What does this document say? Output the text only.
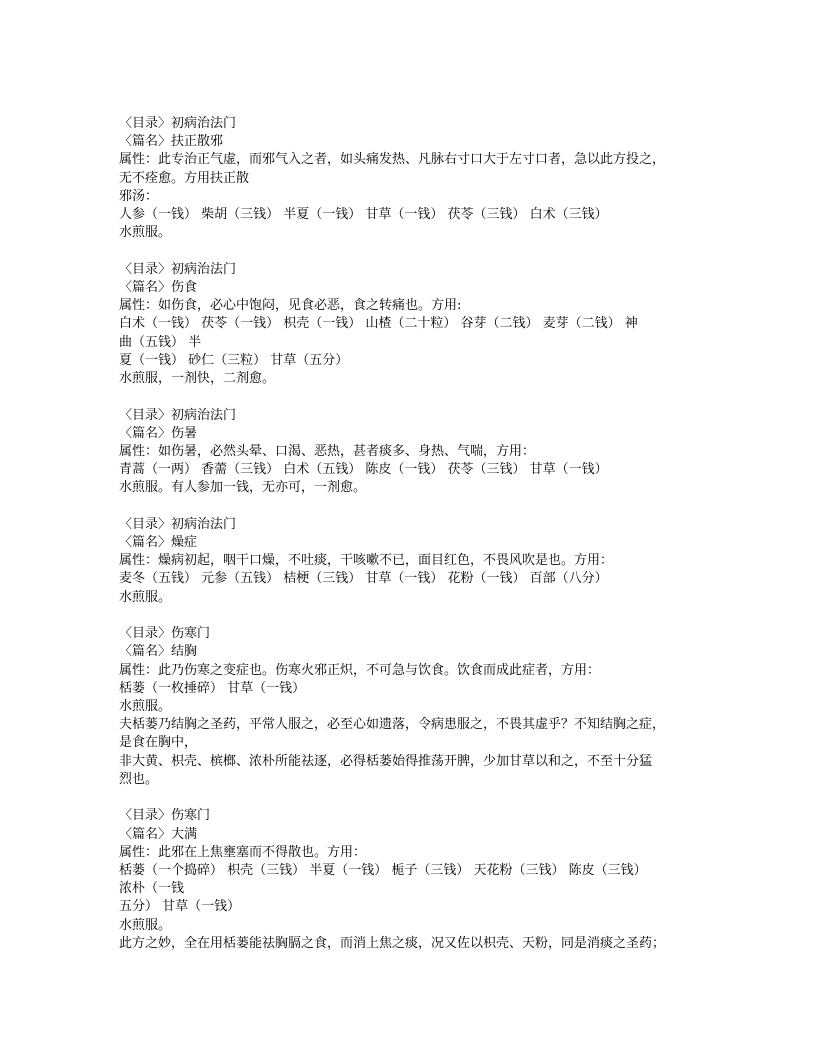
〈目录〉初病治法门
〈篇名〉扶正散邪
属性：此专治正气虚，而邪气入之者，如头痛发热、凡脉右寸口大于左寸口者，急以此方投之，
无不痊愈。方用扶正散
邪汤：
人参（一钱） 柴胡（三钱） 半夏（一钱） 甘草（一钱） 茯苓（三钱） 白术（三钱）
水煎服。
〈目录〉初病治法门
〈篇名〉伤食
属性：如伤食，必心中饱闷，见食必恶，食之转痛也。方用:
白术（一钱） 茯苓（一钱） 枳壳（一钱） 山楂（二十粒） 谷芽（二钱） 麦芽（二钱） 神
曲（五钱） 半
夏（一钱） 砂仁（三粒） 甘草（五分）
水煎服，一剂快，二剂愈。
〈目录〉初病治法门
〈篇名〉伤暑
属性：如伤暑，必然头晕、口渴、恶热，甚者痰多、身热、气喘，方用：
青蒿（一两） 香薷（三钱） 白术（五钱） 陈皮（一钱） 茯苓（三钱） 甘草（一钱）
水煎服。有人参加一钱，无亦可，一剂愈。
〈目录〉初病治法门
〈篇名〉燥症
属性：燥病初起，咽干口燥，不吐痰，干咳嗽不已，面目红色，不畏风吹是也。方用：
麦冬（五钱） 元参（五钱） 桔梗（三钱） 甘草（一钱） 花粉（一钱） 百部（八分）
水煎服。
〈目录〉伤寒门
〈篇名〉结胸
属性：此乃伤寒之变症也。伤寒火邪正炽，不可急与饮食。饮食而成此症者，方用：
栝蒌（一枚捶碎） 甘草（一钱）
水煎服。
夫栝蒌乃结胸之圣药，平常人服之，必至心如遗落，令病患服之，不畏其虚乎？不知结胸之症，
是食在胸中，
非大黄、枳壳、槟榔、浓朴所能祛逐，必得栝蒌始得推荡开脾，少加甘草以和之，不至十分猛
烈也。
〈目录〉伤寒门
〈篇名〉大满
属性：此邪在上焦壅塞而不得散也。方用：
栝蒌（一个捣碎） 枳壳（三钱） 半夏（一钱） 栀子（三钱） 天花粉（三钱） 陈皮（三钱）
浓朴（一钱
五分） 甘草（一钱）
水煎服。
此方之妙，全在用栝蒌能祛胸膈之食，而消上焦之痰，况又佐以枳壳、天粉，同是消痰之圣药；
